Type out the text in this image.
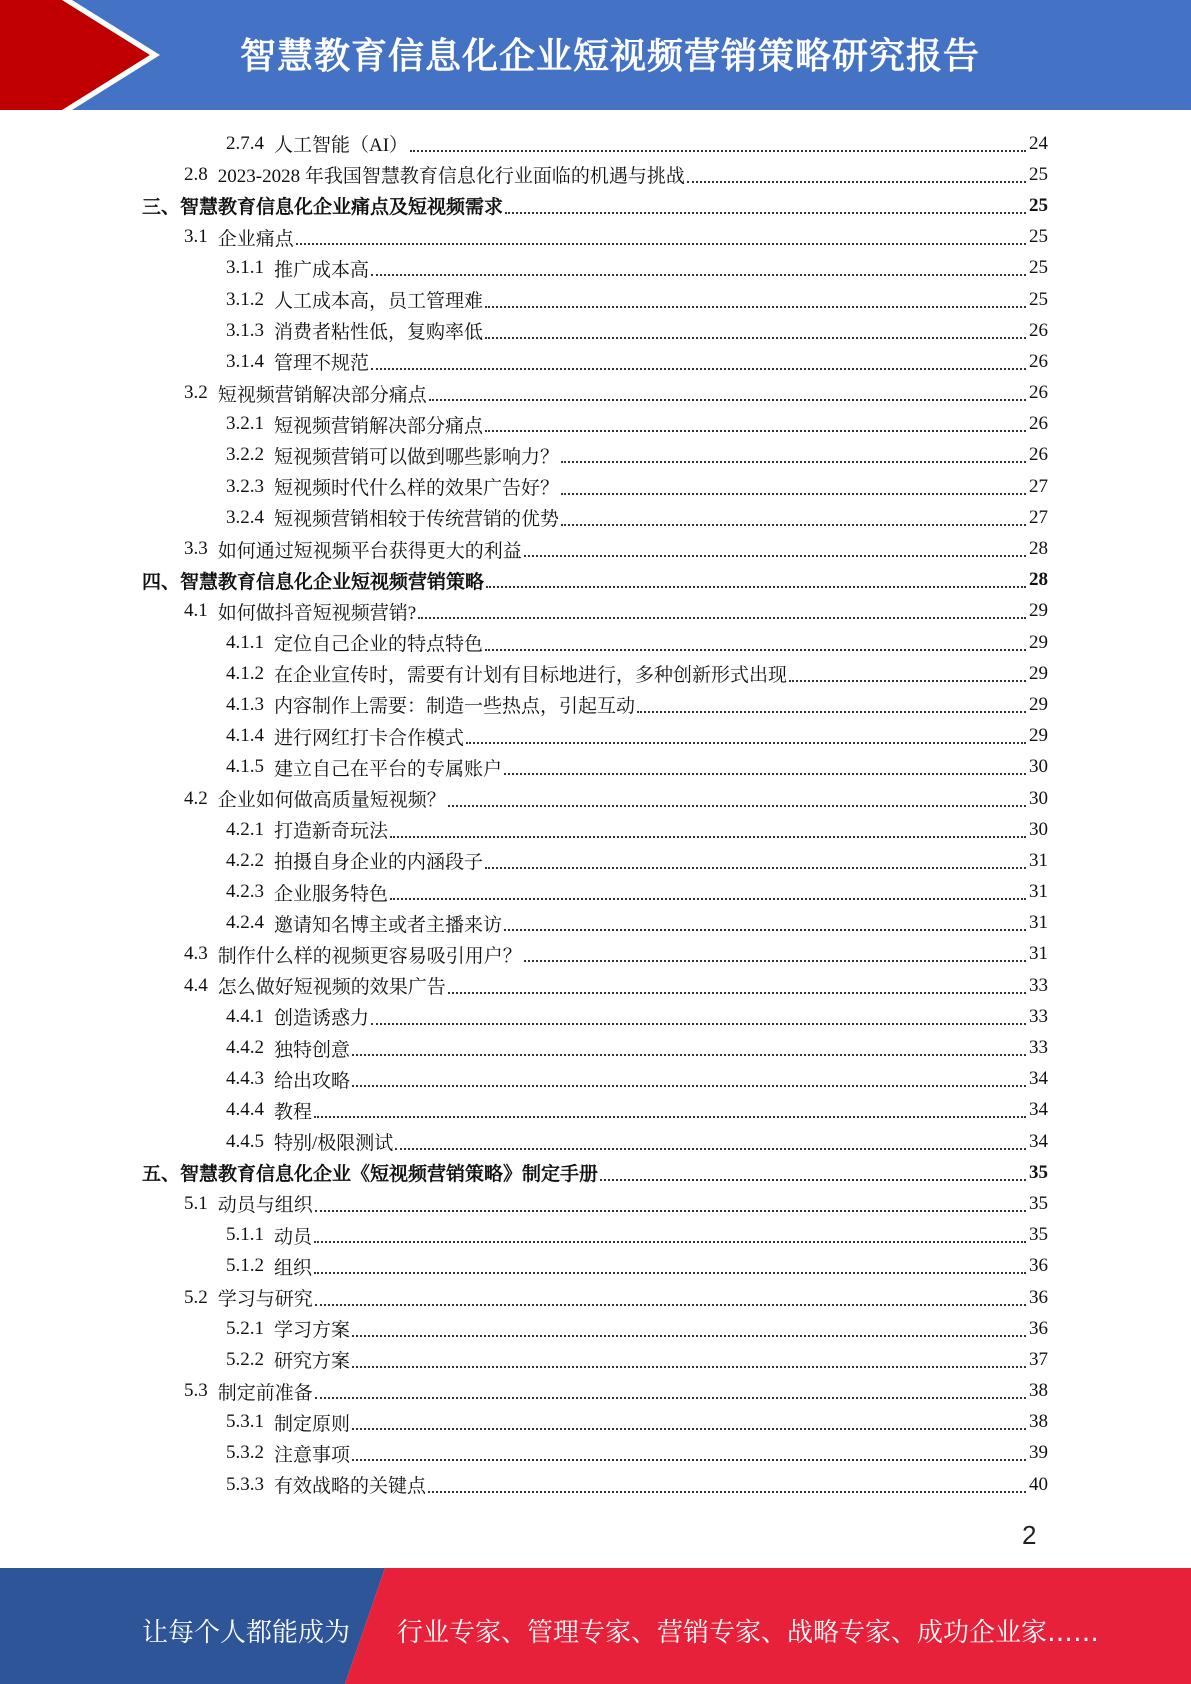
智慧教育信息化企业短视频营销策略研究报告
2.7.4 人工智能（AI）	24
2.8 2023-2028 年我国智慧教育信息化行业面临的机遇与挑战	25
三、 智慧教育信息化企业痛点及短视频需求	25
3.1 企业痛点	25
3.1.1 推广成本高	25
3.1.2 人工成本高，员工管理难	25
3.1.3 消费者粘性低，复购率低	26
3.1.4 管理不规范	26
3.2 短视频营销解决部分痛点	26
3.2.1 短视频营销解决部分痛点	26
3.2.2 短视频营销可以做到哪些影响力？	26
3.2.3 短视频时代什么样的效果广告好？	27
3.2.4 短视频营销相较于传统营销的优势	27
3.3 如何通过短视频平台获得更大的利益	28
四、 智慧教育信息化企业短视频营销策略	28
4.1 如何做抖音短视频营销?	29
4.1.1 定位自己企业的特点特色	29
4.1.2 在企业宣传时，需要有计划有目标地进行，多种创新形式出现	29
4.1.3 内容制作上需要：制造一些热点，引起互动	29
4.1.4 进行网红打卡合作模式	29
4.1.5 建立自己在平台的专属账户	30
4.2 企业如何做高质量短视频？	30
4.2.1 打造新奇玩法	30
4.2.2 拍摄自身企业的内涵段子	31
4.2.3 企业服务特色	31
4.2.4 邀请知名博主或者主播来访	31
4.3 制作什么样的视频更容易吸引用户？	31
4.4 怎么做好短视频的效果广告	33
4.4.1 创造诱惑力	33
4.4.2 独特创意	33
4.4.3 给出攻略	34
4.4.4 教程	34
4.4.5 特别/极限测试	34
五、 智慧教育信息化企业《短视频营销策略》制定手册	35
5.1 动员与组织	35
5.1.1 动员	35
5.1.2 组织	36
5.2 学习与研究	36
5.2.1 学习方案	36
5.2.2 研究方案	37
5.3 制定前准备	38
5.3.1 制定原则	38
5.3.2 注意事项	39
5.3.3 有效战略的关键点	40
2
让每个人都能成为 行业专家、管理专家、营销专家、战略专家、成功企业家……
